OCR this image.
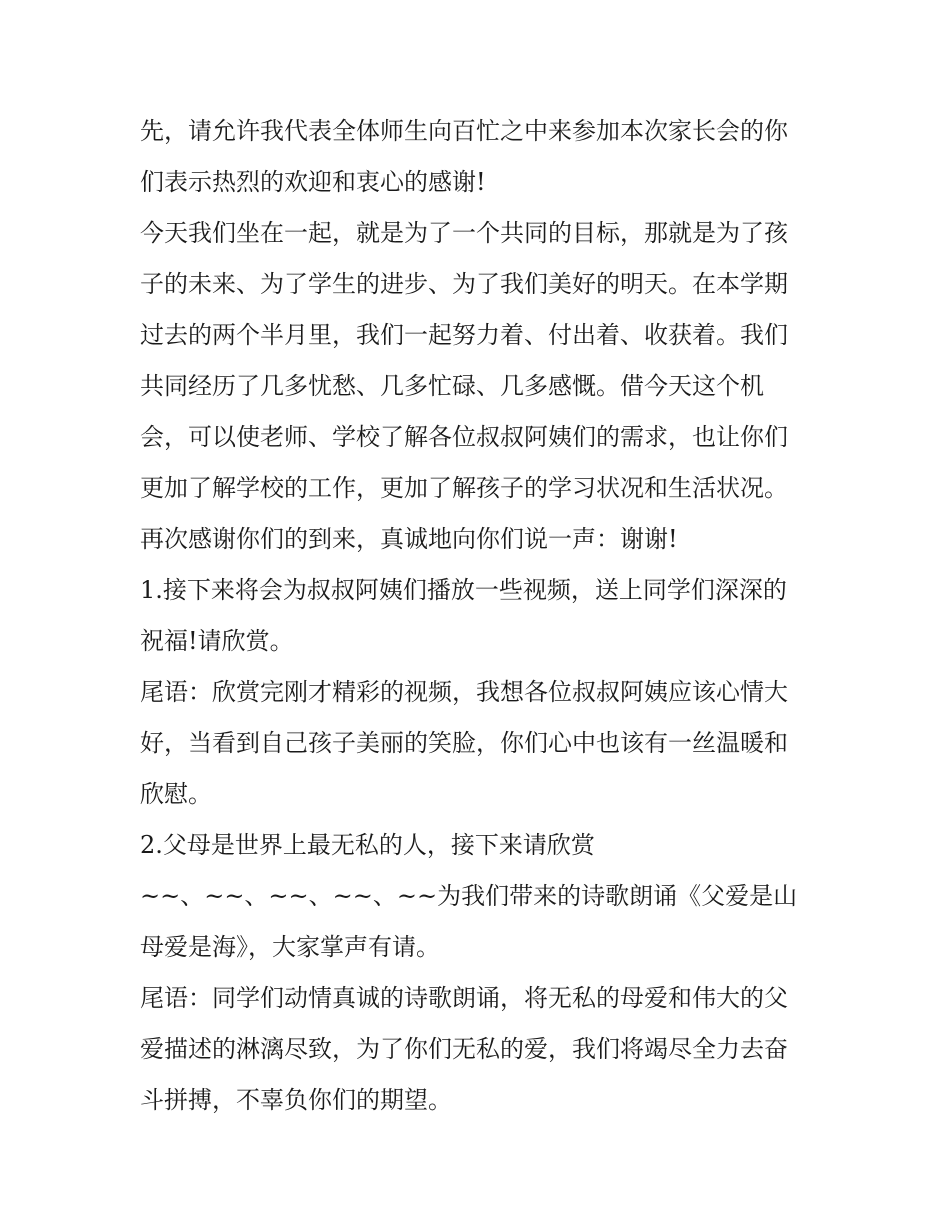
先，请允许我代表全体师生向百忙之中来参加本次家长会的你
们表示热烈的欢迎和衷心的感谢!
今天我们坐在一起，就是为了一个共同的目标，那就是为了孩
子的未来、为了学生的进步、为了我们美好的明天。在本学期
过去的两个半月里，我们一起努力着、付出着、收获着。我们
共同经历了几多忧愁、几多忙碌、几多感慨。借今天这个机
会，可以使老师、学校了解各位叔叔阿姨们的需求，也让你们
更加了解学校的工作，更加了解孩子的学习状况和生活状况。
再次感谢你们的到来，真诚地向你们说一声：谢谢!
1.接下来将会为叔叔阿姨们播放一些视频，送上同学们深深的
祝福!请欣赏。
尾语：欣赏完刚才精彩的视频，我想各位叔叔阿姨应该心情大
好，当看到自己孩子美丽的笑脸，你们心中也该有一丝温暖和
欣慰。
2.父母是世界上最无私的人，接下来请欣赏
~~、~~、~~、~~、~~为我们带来的诗歌朗诵《父爱是山
母爱是海》，大家掌声有请。
尾语：同学们动情真诚的诗歌朗诵，将无私的母爱和伟大的父
爱描述的淋漓尽致，为了你们无私的爱，我们将竭尽全力去奋
斗拼搏，不辜负你们的期望。
